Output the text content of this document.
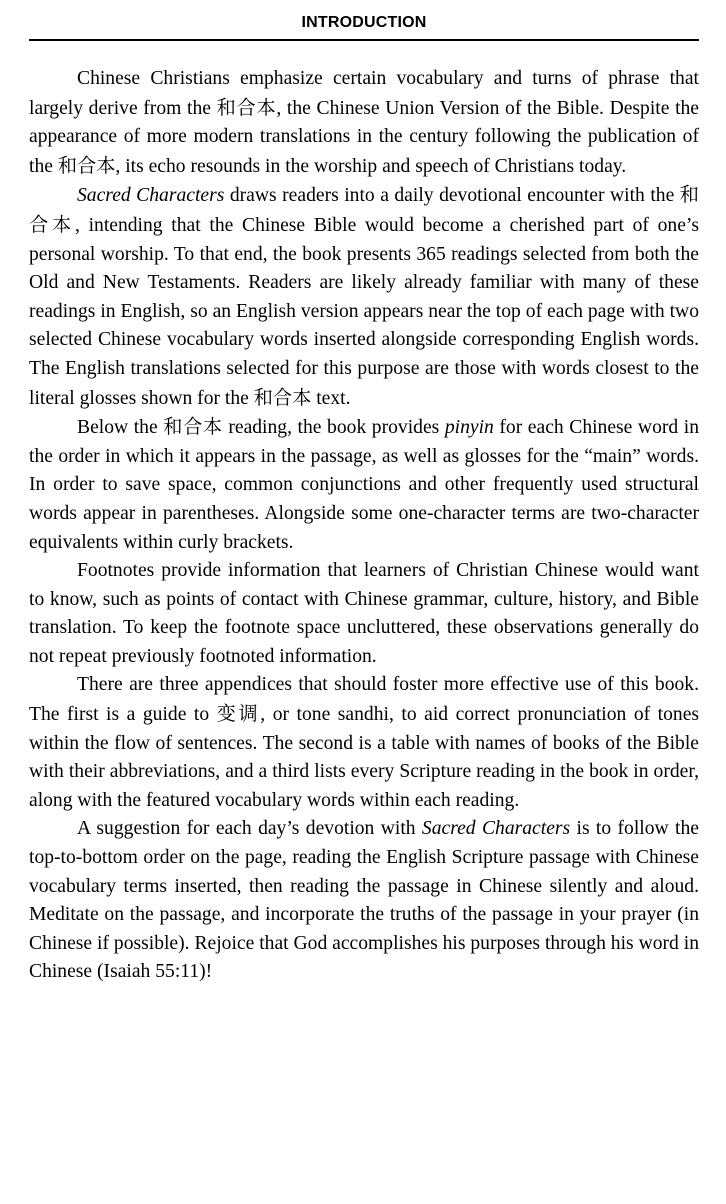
INTRODUCTION

Chinese Christians emphasize certain vocabulary and turns of phrase that largely derive from the 和合本, the Chinese Union Version of the Bible. Despite the appearance of more modern translations in the century following the publication of the 和合本, its echo resounds in the worship and speech of Christians today.

Sacred Characters draws readers into a daily devotional encounter with the 和合本, intending that the Chinese Bible would become a cherished part of one’s personal worship. To that end, the book presents 365 readings selected from both the Old and New Testaments. Readers are likely already familiar with many of these readings in English, so an English version appears near the top of each page with two selected Chinese vocabulary words inserted alongside corresponding English words. The English translations selected for this purpose are those with words closest to the literal glosses shown for the 和合本 text.

Below the 和合本 reading, the book provides pinyin for each Chinese word in the order in which it appears in the passage, as well as glosses for the “main” words. In order to save space, common conjunctions and other frequently used structural words appear in parentheses. Alongside some one-character terms are two-character equivalents within curly brackets.

Footnotes provide information that learners of Christian Chinese would want to know, such as points of contact with Chinese grammar, culture, history, and Bible translation. To keep the footnote space uncluttered, these observations generally do not repeat previously footnoted information.

There are three appendices that should foster more effective use of this book. The first is a guide to 变调, or tone sandhi, to aid correct pronunciation of tones within the flow of sentences. The second is a table with names of books of the Bible with their abbreviations, and a third lists every Scripture reading in the book in order, along with the featured vocabulary words within each reading.

A suggestion for each day’s devotion with Sacred Characters is to follow the top-to-bottom order on the page, reading the English Scripture passage with Chinese vocabulary terms inserted, then reading the passage in Chinese silently and aloud. Meditate on the passage, and incorporate the truths of the passage in your prayer (in Chinese if possible). Rejoice that God accomplishes his purposes through his word in Chinese (Isaiah 55:11)!
